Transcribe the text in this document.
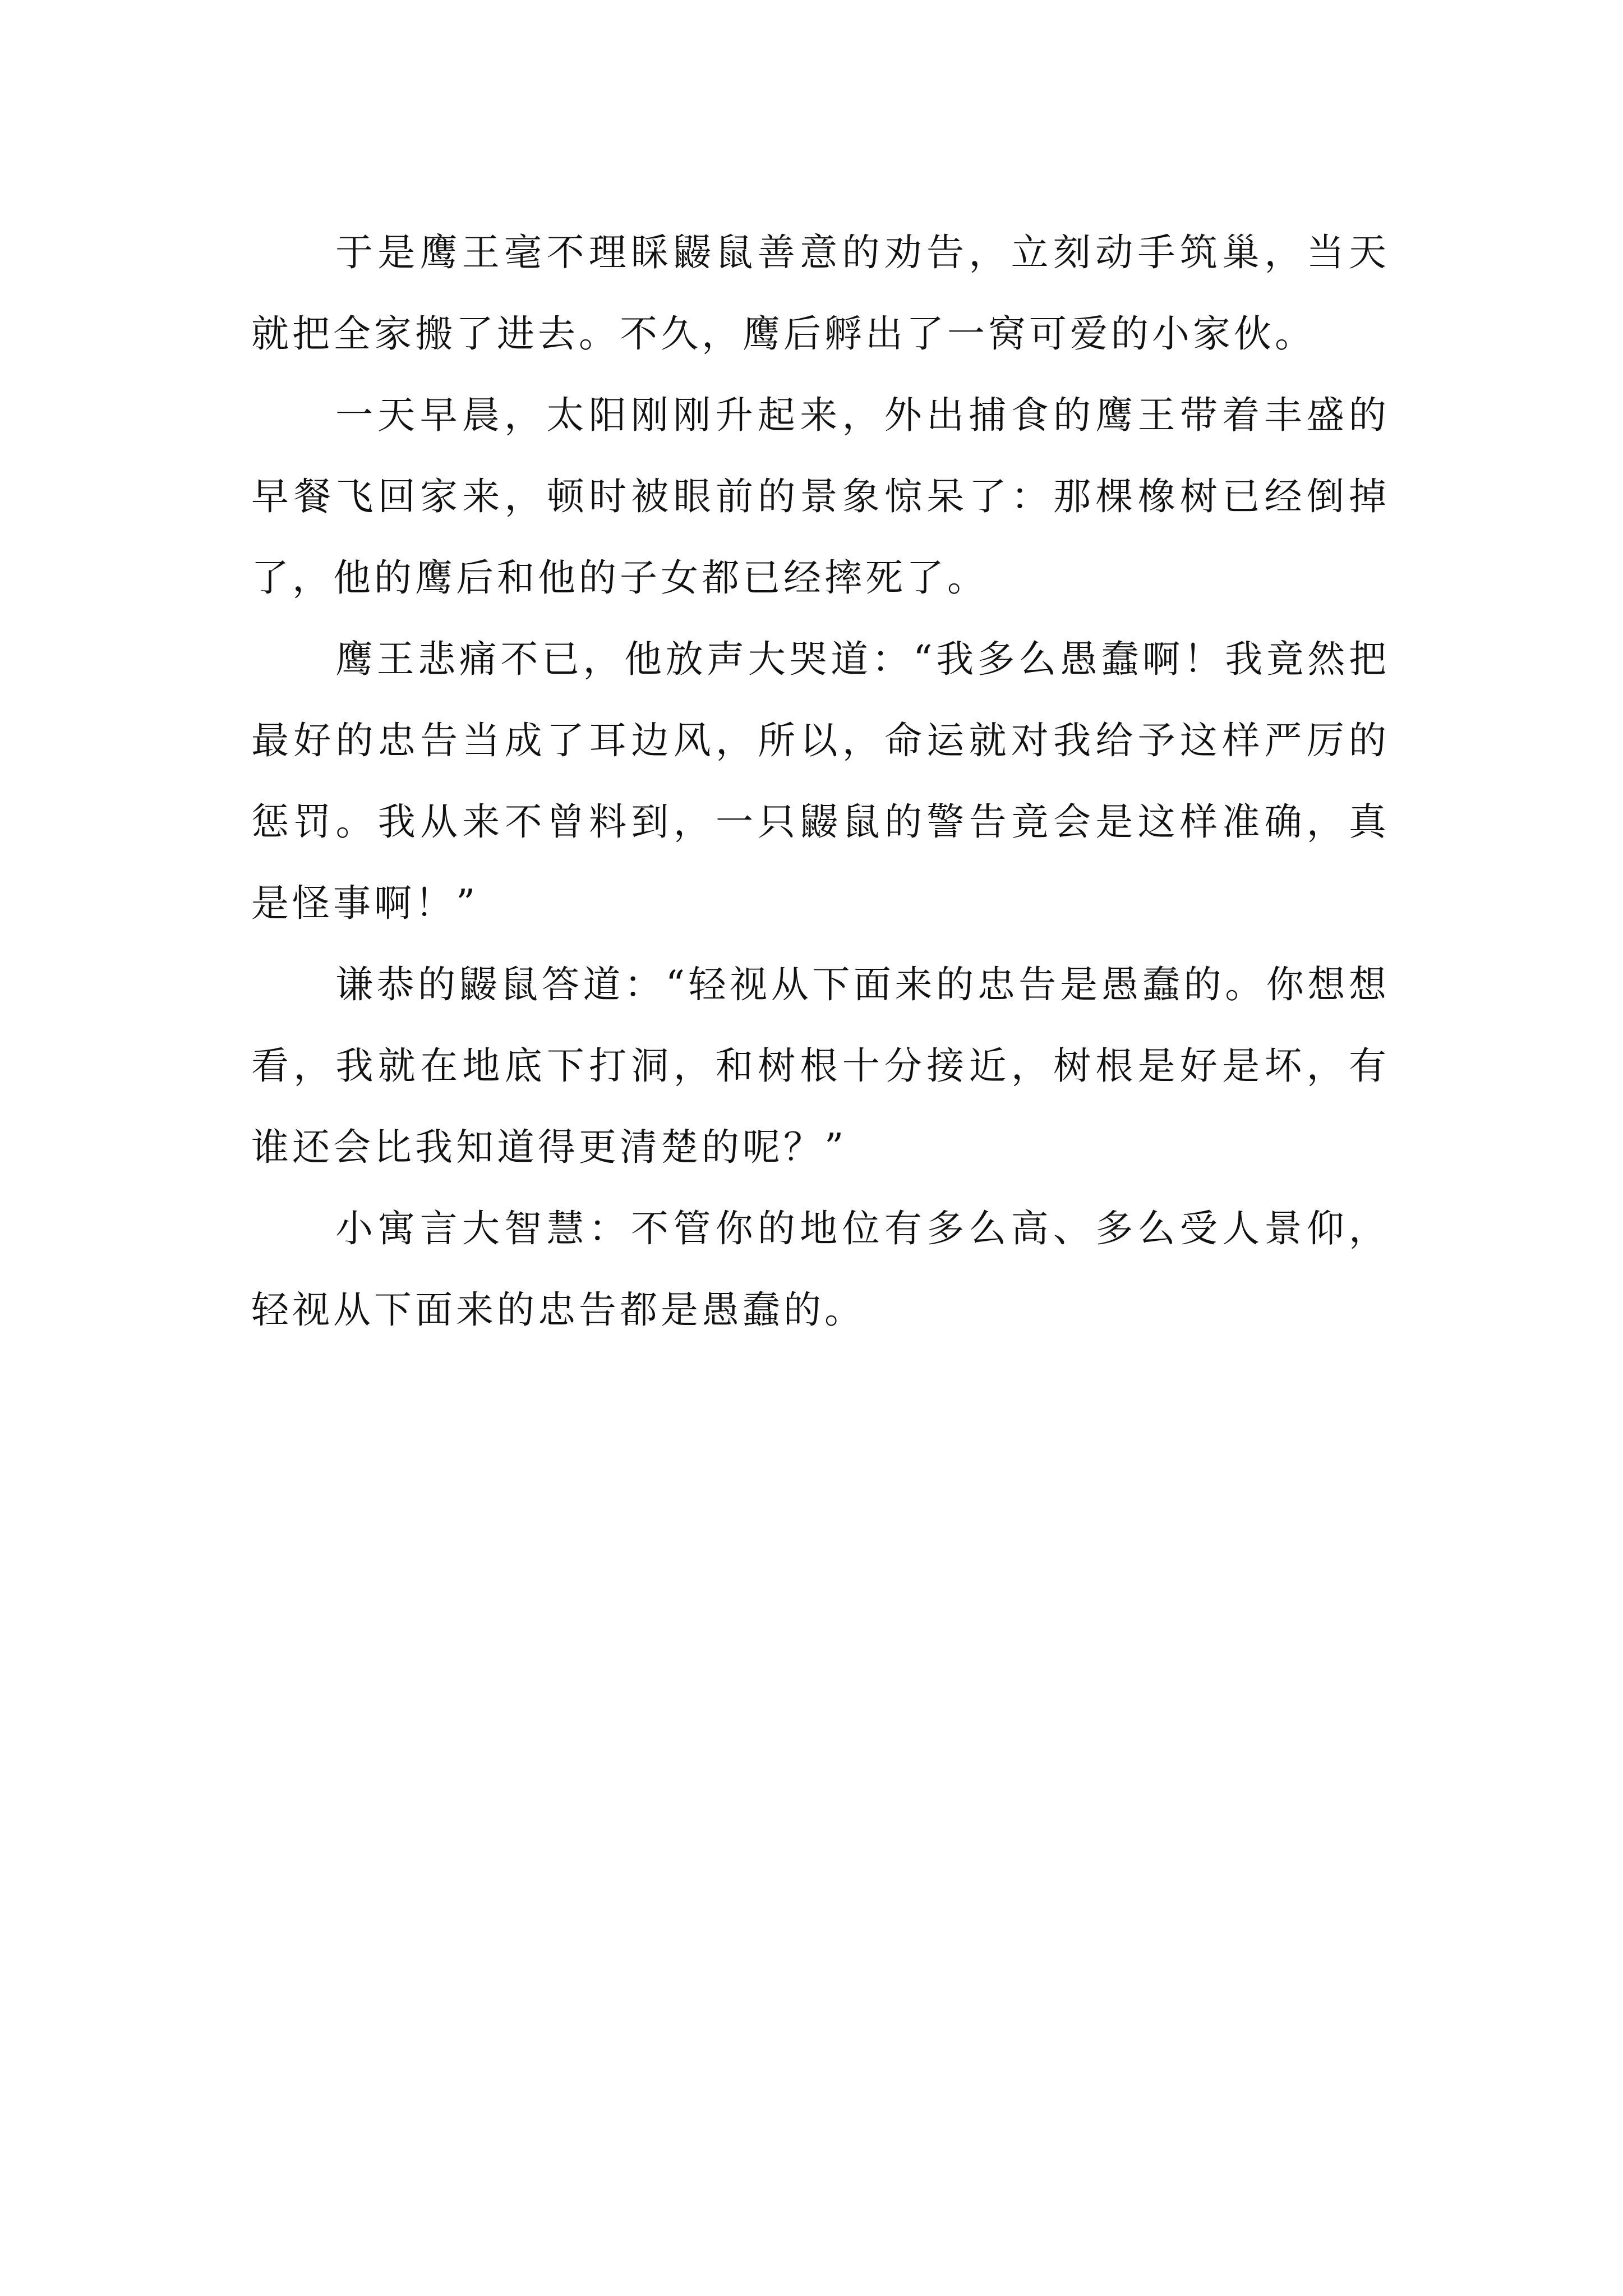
于是鹰王毫不理睬鼹鼠善意的劝告，立刻动手筑巢，当天就把全家搬了进去。不久，鹰后孵出了一窝可爱的小家伙。

一天早晨，太阳刚刚升起来，外出捕食的鹰王带着丰盛的早餐飞回家来，顿时被眼前的景象惊呆了：那棵橡树已经倒掉了，他的鹰后和他的子女都已经摔死了。

鹰王悲痛不已，他放声大哭道：“我多么愚蠢啊！我竟然把最好的忠告当成了耳边风，所以，命运就对我给予这样严厉的惩罚。我从来不曾料到，一只鼹鼠的警告竟会是这样准确，真是怪事啊！”

谦恭的鼹鼠答道：“轻视从下面来的忠告是愚蠢的。你想想看，我就在地底下打洞，和树根十分接近，树根是好是坏，有谁还会比我知道得更清楚的呢？”

小寓言大智慧：不管你的地位有多么高、多么受人景仰，轻视从下面来的忠告都是愚蠢的。
